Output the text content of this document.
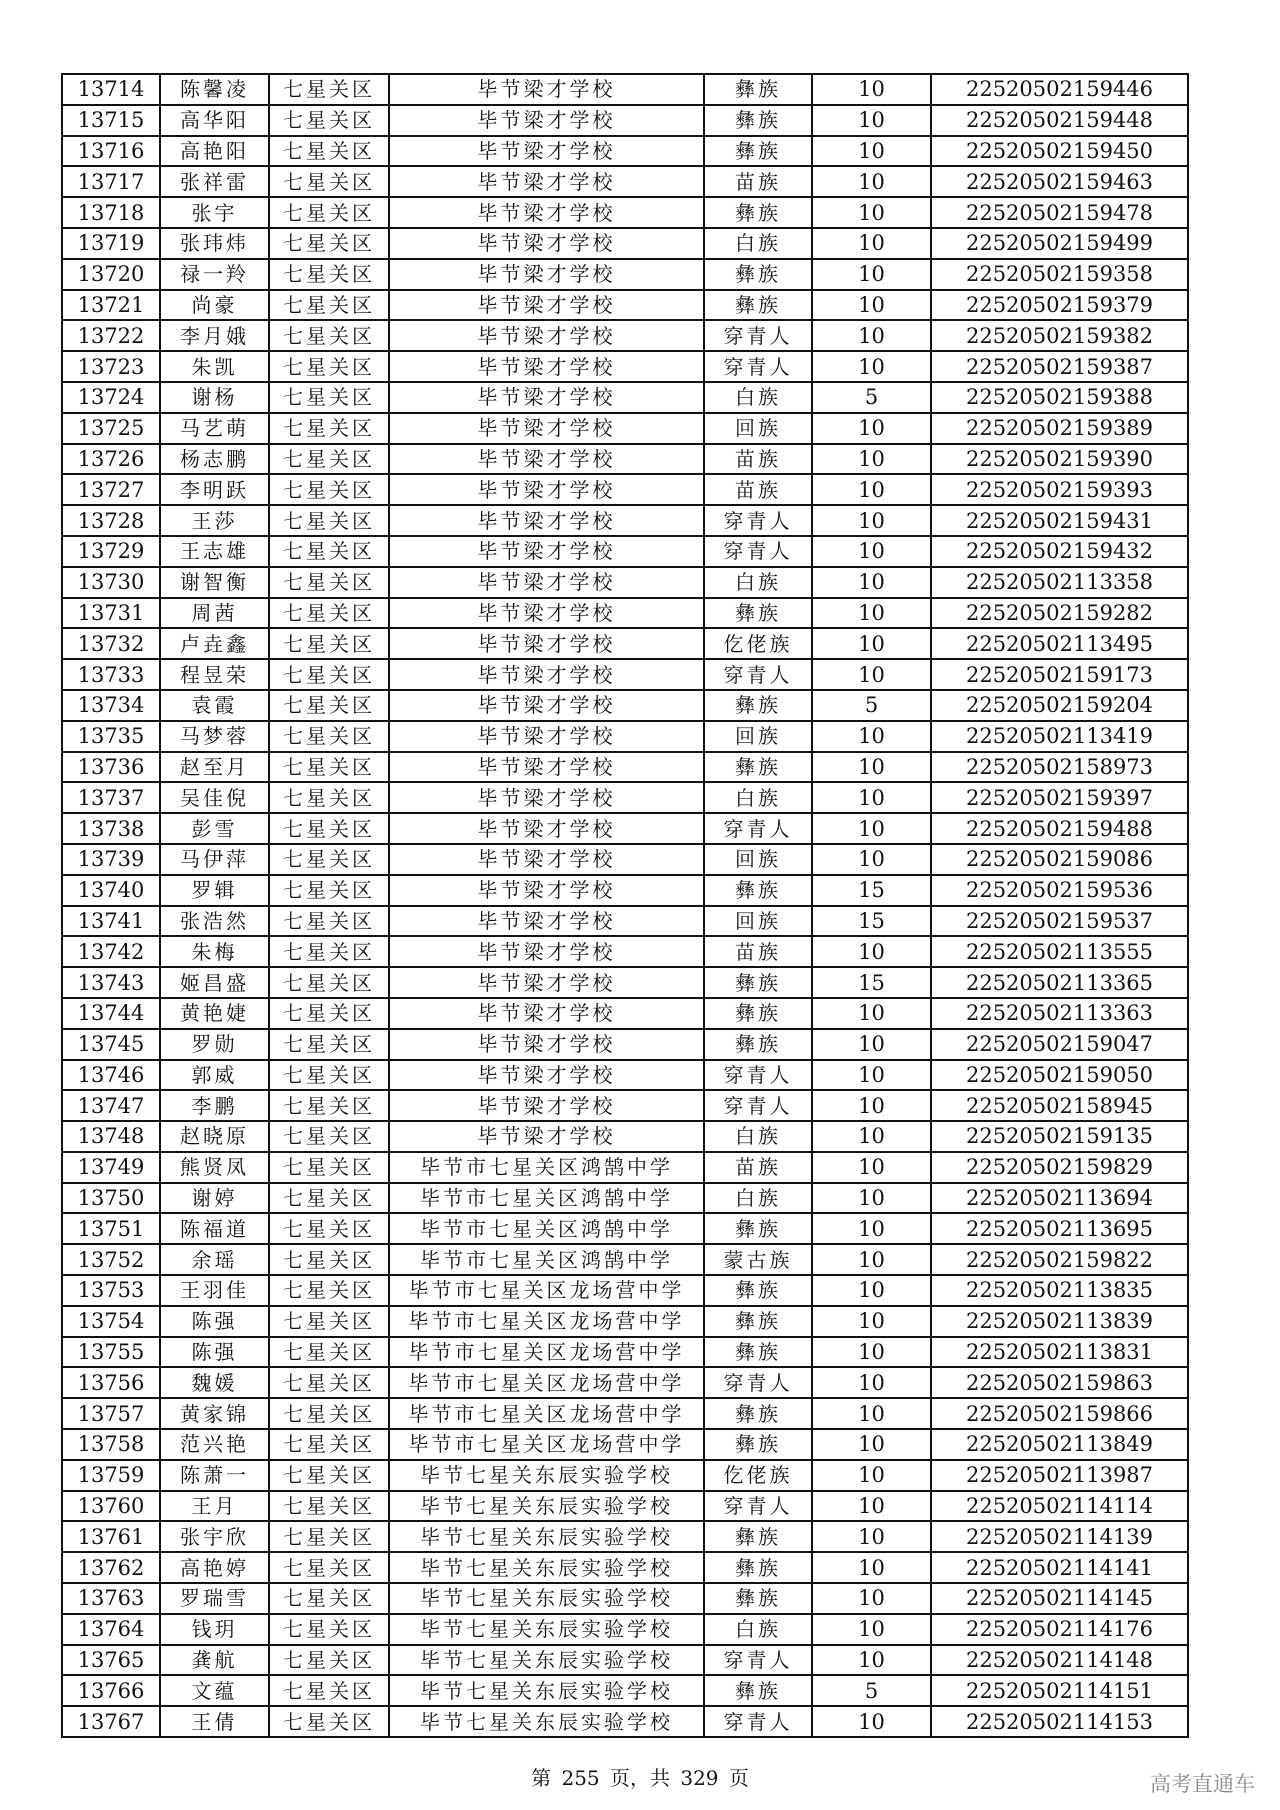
13714	陈馨凌	七星关区	毕节梁才学校	彝族	10	22520502159446
13715	高华阳	七星关区	毕节梁才学校	彝族	10	22520502159448
13716	高艳阳	七星关区	毕节梁才学校	彝族	10	22520502159450
13717	张祥雷	七星关区	毕节梁才学校	苗族	10	22520502159463
13718	张宇	七星关区	毕节梁才学校	彝族	10	22520502159478
13719	张玮炜	七星关区	毕节梁才学校	白族	10	22520502159499
13720	禄一羚	七星关区	毕节梁才学校	彝族	10	22520502159358
13721	尚豪	七星关区	毕节梁才学校	彝族	10	22520502159379
13722	李月娥	七星关区	毕节梁才学校	穿青人	10	22520502159382
13723	朱凯	七星关区	毕节梁才学校	穿青人	10	22520502159387
13724	谢杨	七星关区	毕节梁才学校	白族	5	22520502159388
13725	马艺萌	七星关区	毕节梁才学校	回族	10	22520502159389
13726	杨志鹏	七星关区	毕节梁才学校	苗族	10	22520502159390
13727	李明跃	七星关区	毕节梁才学校	苗族	10	22520502159393
13728	王莎	七星关区	毕节梁才学校	穿青人	10	22520502159431
13729	王志雄	七星关区	毕节梁才学校	穿青人	10	22520502159432
13730	谢智衡	七星关区	毕节梁才学校	白族	10	22520502113358
13731	周茜	七星关区	毕节梁才学校	彝族	10	22520502159282
13732	卢垚鑫	七星关区	毕节梁才学校	仡佬族	10	22520502113495
13733	程昱荣	七星关区	毕节梁才学校	穿青人	10	22520502159173
13734	袁霞	七星关区	毕节梁才学校	彝族	5	22520502159204
13735	马梦蓉	七星关区	毕节梁才学校	回族	10	22520502113419
13736	赵至月	七星关区	毕节梁才学校	彝族	10	22520502158973
13737	吴佳倪	七星关区	毕节梁才学校	白族	10	22520502159397
13738	彭雪	七星关区	毕节梁才学校	穿青人	10	22520502159488
13739	马伊萍	七星关区	毕节梁才学校	回族	10	22520502159086
13740	罗辑	七星关区	毕节梁才学校	彝族	15	22520502159536
13741	张浩然	七星关区	毕节梁才学校	回族	15	22520502159537
13742	朱梅	七星关区	毕节梁才学校	苗族	10	22520502113555
13743	姬昌盛	七星关区	毕节梁才学校	彝族	15	22520502113365
13744	黄艳婕	七星关区	毕节梁才学校	彝族	10	22520502113363
13745	罗勋	七星关区	毕节梁才学校	彝族	10	22520502159047
13746	郭威	七星关区	毕节梁才学校	穿青人	10	22520502159050
13747	李鹏	七星关区	毕节梁才学校	穿青人	10	22520502158945
13748	赵晓原	七星关区	毕节梁才学校	白族	10	22520502159135
13749	熊贤凤	七星关区	毕节市七星关区鸿鹄中学	苗族	10	22520502159829
13750	谢婷	七星关区	毕节市七星关区鸿鹄中学	白族	10	22520502113694
13751	陈福道	七星关区	毕节市七星关区鸿鹄中学	彝族	10	22520502113695
13752	余瑶	七星关区	毕节市七星关区鸿鹄中学	蒙古族	10	22520502159822
13753	王羽佳	七星关区	毕节市七星关区龙场营中学	彝族	10	22520502113835
13754	陈强	七星关区	毕节市七星关区龙场营中学	彝族	10	22520502113839
13755	陈强	七星关区	毕节市七星关区龙场营中学	彝族	10	22520502113831
13756	魏媛	七星关区	毕节市七星关区龙场营中学	穿青人	10	22520502159863
13757	黄家锦	七星关区	毕节市七星关区龙场营中学	彝族	10	22520502159866
13758	范兴艳	七星关区	毕节市七星关区龙场营中学	彝族	10	22520502113849
13759	陈萧一	七星关区	毕节七星关东辰实验学校	仡佬族	10	22520502113987
13760	王月	七星关区	毕节七星关东辰实验学校	穿青人	10	22520502114114
13761	张宇欣	七星关区	毕节七星关东辰实验学校	彝族	10	22520502114139
13762	高艳婷	七星关区	毕节七星关东辰实验学校	彝族	10	22520502114141
13763	罗瑞雪	七星关区	毕节七星关东辰实验学校	彝族	10	22520502114145
13764	钱玥	七星关区	毕节七星关东辰实验学校	白族	10	22520502114176
13765	龚航	七星关区	毕节七星关东辰实验学校	穿青人	10	22520502114148
13766	文蕴	七星关区	毕节七星关东辰实验学校	彝族	5	22520502114151
13767	王倩	七星关区	毕节七星关东辰实验学校	穿青人	10	22520502114153
第 255 页，共 329 页	高考直通车
